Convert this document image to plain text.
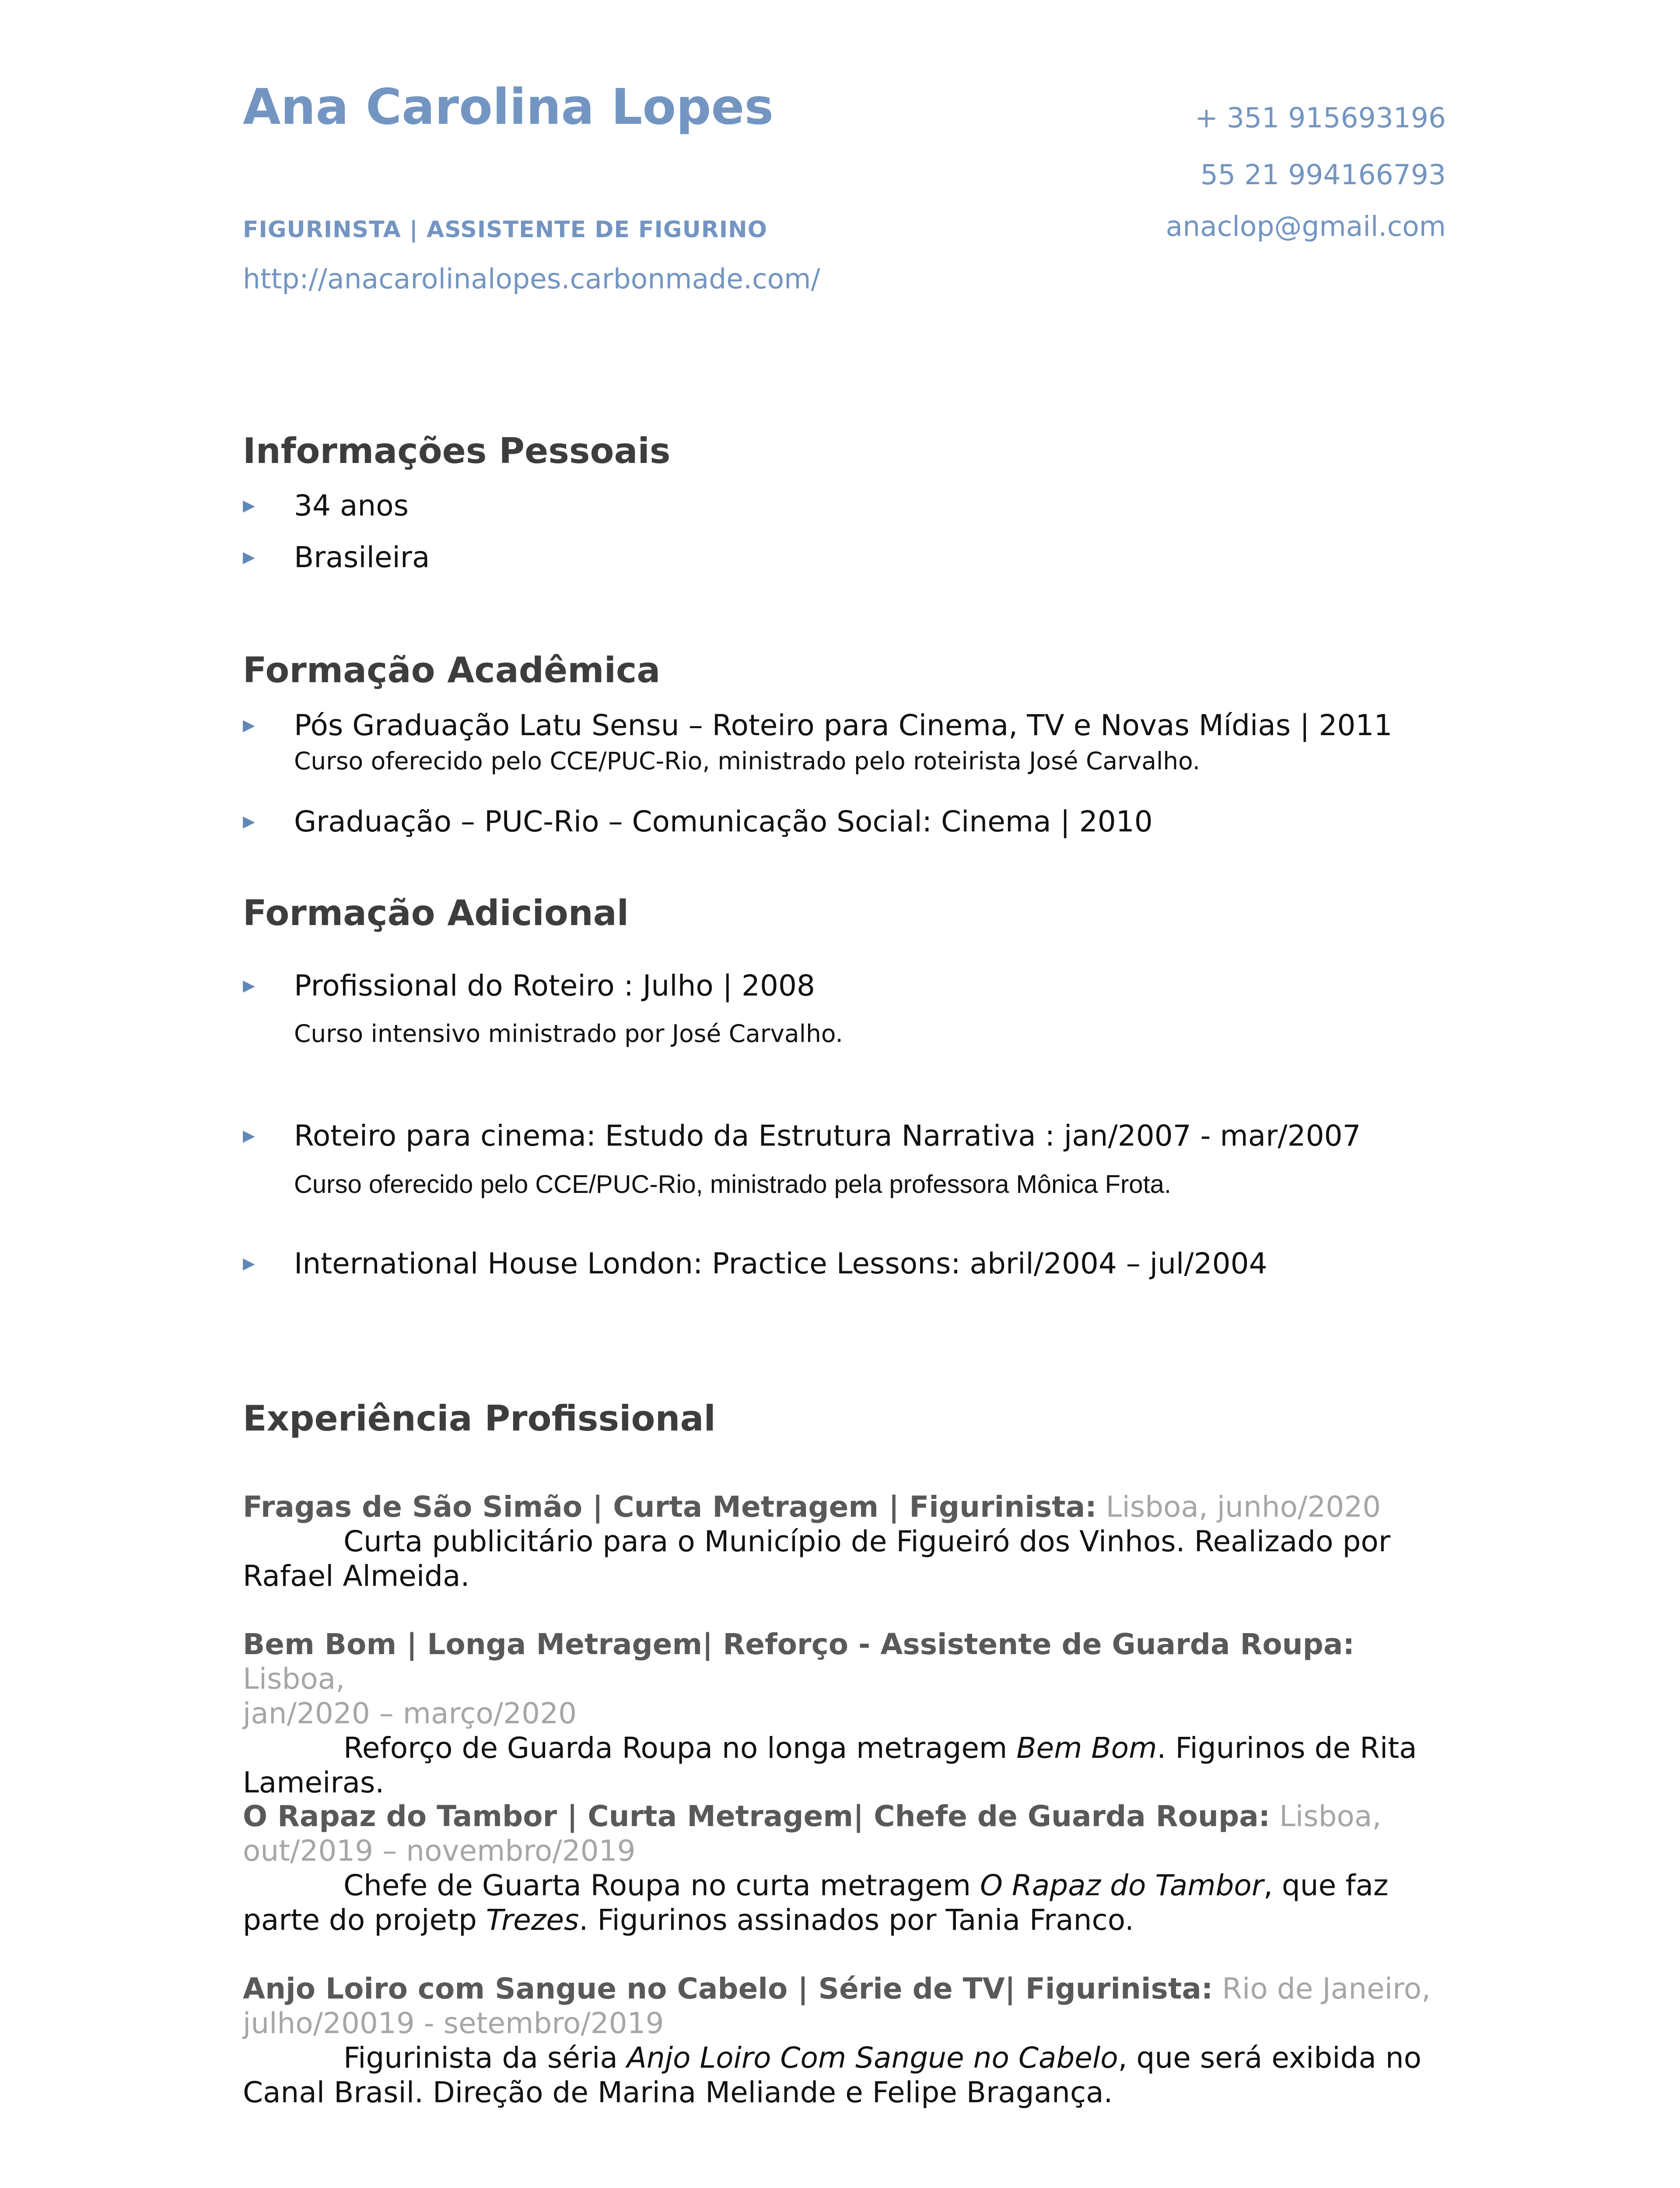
Ana Carolina Lopes
FIGURINSTA | ASSISTENTE DE FIGURINO
http://anacarolinalopes.carbonmade.com/
+ 351 915693196
55 21 994166793
anaclop@gmail.com
Informações Pessoais
▶ 34 anos
▶ Brasileira
Formação Acadêmica
▶ Pós Graduação Latu Sensu – Roteiro para Cinema, TV e Novas Mídias | 2011
Curso oferecido pelo CCE/PUC-Rio, ministrado pelo roteirista José Carvalho.
▶ Graduação – PUC-Rio – Comunicação Social: Cinema | 2010
Formação Adicional
▶ Profissional do Roteiro : Julho | 2008
Curso intensivo ministrado por José Carvalho.
▶ Roteiro para cinema: Estudo da Estrutura Narrativa : jan/2007 - mar/2007
Curso oferecido pelo CCE/PUC-Rio, ministrado pela professora Mônica Frota.
▶ International House London: Practice Lessons: abril/2004 – jul/2004
Experiência Profissional
Fragas de São Simão | Curta Metragem | Figurinista: Lisboa, junho/2020
Curta publicitário para o Município de Figueiró dos Vinhos. Realizado por
Rafael Almeida.
Bem Bom | Longa Metragem| Reforço - Assistente de Guarda Roupa: Lisboa,
jan/2020 – março/2020
Reforço de Guarda Roupa no longa metragem Bem Bom. Figurinos de Rita
Lameiras.
O Rapaz do Tambor | Curta Metragem| Chefe de Guarda Roupa: Lisboa,
out/2019 – novembro/2019
Chefe de Guarta Roupa no curta metragem O Rapaz do Tambor, que faz
parte do projetp Trezes. Figurinos assinados por Tania Franco.
Anjo Loiro com Sangue no Cabelo | Série de TV| Figurinista: Rio de Janeiro,
julho/20019 - setembro/2019
Figurinista da séria Anjo Loiro Com Sangue no Cabelo, que será exibida no
Canal Brasil. Direção de Marina Meliande e Felipe Bragança.
